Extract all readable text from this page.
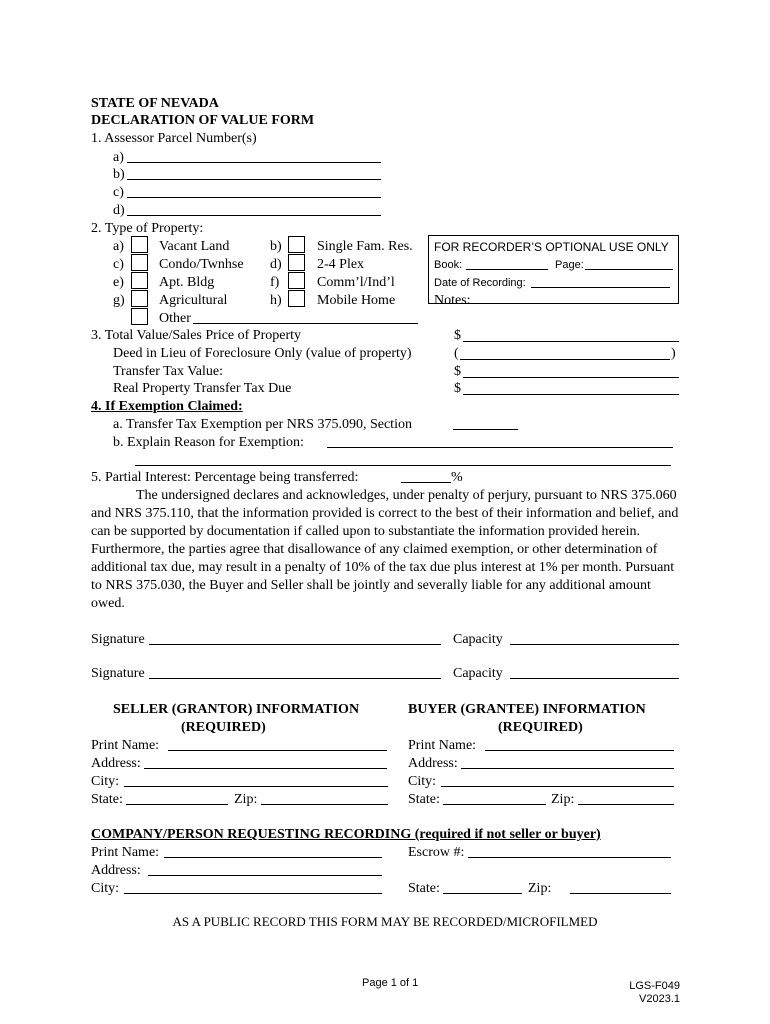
STATE OF NEVADA
DECLARATION OF VALUE FORM
1. Assessor Parcel Number(s)
a)
b)
c)
d)
2. Type of Property:
a)	Vacant Land	b)	Single Fam. Res.
c)	Condo/Twnhse d)	2-4 Plex
e)	Apt. Bldg	f)	Comm’l/Ind’l
g) Agricultural	h)	Mobile Home
Other
FOR RECORDER’S OPTIONAL USE ONLY
Book:	Page:
Date of Recording:
Notes:
3. Total Value/Sales Price of Property	$
Deed in Lieu of Foreclosure Only (value of property)	(	)
Transfer Tax Value:	$
Real Property Transfer Tax Due	$
4. If Exemption Claimed:
a. Transfer Tax Exemption per NRS 375.090, Section
b. Explain Reason for Exemption:
5. Partial Interest: Percentage being transferred:	%
The undersigned declares and acknowledges, under penalty of perjury, pursuant to NRS 375.060 and NRS 375.110, that the information provided is correct to the best of their information and belief, and can be supported by documentation if called upon to substantiate the information provided herein. Furthermore, the parties agree that disallowance of any claimed exemption, or other determination of additional tax due, may result in a penalty of 10% of the tax due plus interest at 1% per month. Pursuant to NRS 375.030, the Buyer and Seller shall be jointly and severally liable for any additional amount owed.
Signature	Capacity
Signature	Capacity
SELLER (GRANTOR) INFORMATION
(REQUIRED)
Print Name:
Address:
City:
State:	Zip:
BUYER (GRANTEE) INFORMATION
(REQUIRED)
Print Name:
Address:
City:
State:	Zip:
COMPANY/PERSON REQUESTING RECORDING (required if not seller or buyer)
Print Name:	Escrow #:
Address:
City:	State:	Zip:
AS A PUBLIC RECORD THIS FORM MAY BE RECORDED/MICROFILMED
Page 1 of 1	LGS-F049
V2023.1
